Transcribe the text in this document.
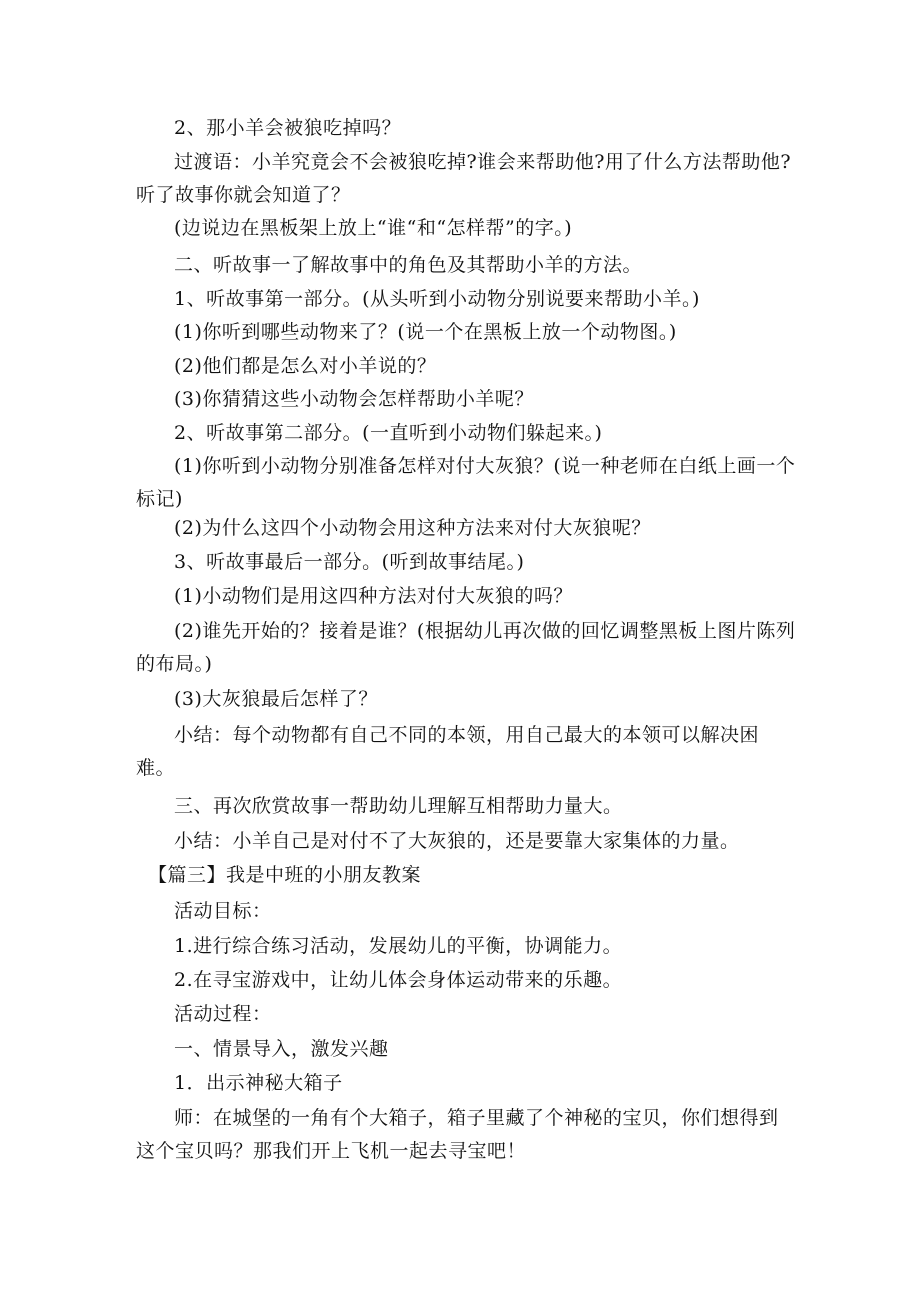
2、那小羊会被狼吃掉吗？
过渡语：小羊究竟会不会被狼吃掉?谁会来帮助他?用了什么方法帮助他?听了故事你就会知道了？
(边说边在黑板架上放上“谁“和“怎样帮”的字。)
二、听故事一了解故事中的角色及其帮助小羊的方法。
1、听故事第一部分。(从头听到小动物分别说要来帮助小羊。)
(1)你听到哪些动物来了？(说一个在黑板上放一个动物图。)
(2)他们都是怎么对小羊说的？
(3)你猜猜这些小动物会怎样帮助小羊呢？
2、听故事第二部分。(一直听到小动物们躲起来。)
(1)你听到小动物分别准备怎样对付大灰狼？(说一种老师在白纸上画一个标记)
(2)为什么这四个小动物会用这种方法来对付大灰狼呢？
3、听故事最后一部分。(听到故事结尾。)
(1)小动物们是用这四种方法对付大灰狼的吗？
(2)谁先开始的？接着是谁？(根据幼儿再次做的回忆调整黑板上图片陈列的布局。)
(3)大灰狼最后怎样了？
小结：每个动物都有自己不同的本领，用自己最大的本领可以解决困难。
三、再次欣赏故事一帮助幼儿理解互相帮助力量大。
小结：小羊自己是对付不了大灰狼的，还是要靠大家集体的力量。
【篇三】我是中班的小朋友教案
活动目标：
1.进行综合练习活动，发展幼儿的平衡，协调能力。
2.在寻宝游戏中，让幼儿体会身体运动带来的乐趣。
活动过程：
一、情景导入，激发兴趣
1．出示神秘大箱子
师：在城堡的一角有个大箱子，箱子里藏了个神秘的宝贝，你们想得到这个宝贝吗？那我们开上飞机一起去寻宝吧！
